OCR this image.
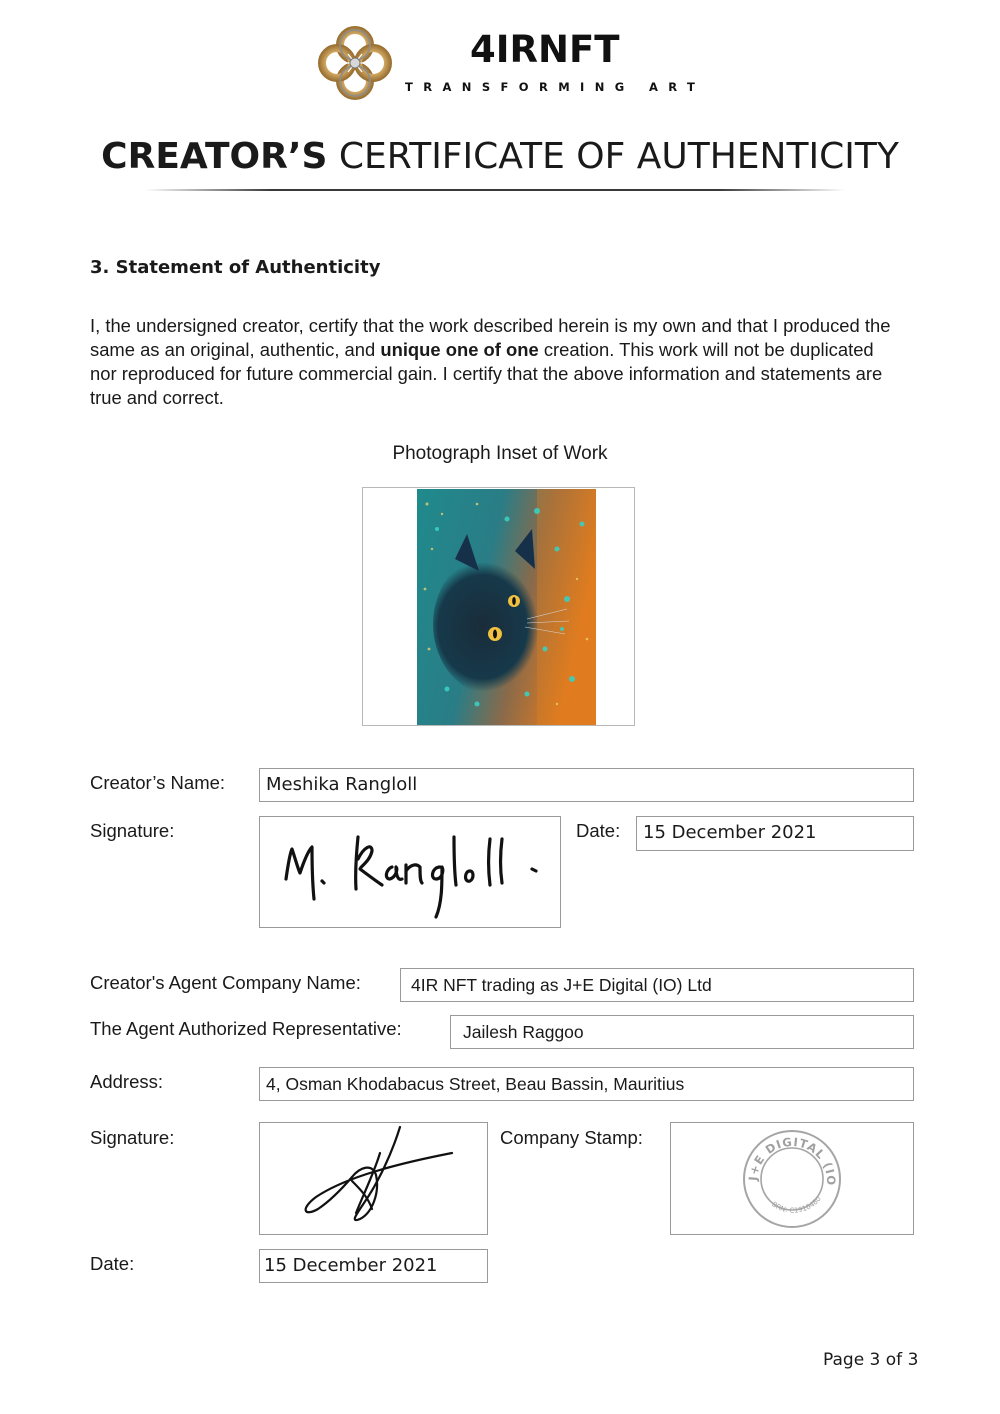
4IRNFT
TRANSFORMING ART
CREATOR’S CERTIFICATE OF AUTHENTICITY
3. Statement of Authenticity
I, the undersigned creator, certify that the work described herein is my own and that I produced the same as an original, authentic, and unique one of one creation. This work will not be duplicated nor reproduced for future commercial gain. I certify that the above information and statements are true and correct.
Photograph Inset of Work
Creator’s Name:	Meshika Rangloll
Signature:	Date:	15 December 2021
Creator's Agent Company Name:	4IR NFT trading as J+E Digital (IO) Ltd
The Agent Authorized Representative:	Jailesh Raggoo
Address:	4, Osman Khodabacus Street, Beau Bassin, Mauritius
Signature:	Company Stamp:
J+E DIGITAL (IO
BRN: C1916480
Date:	15 December 2021
Page 3 of 3
